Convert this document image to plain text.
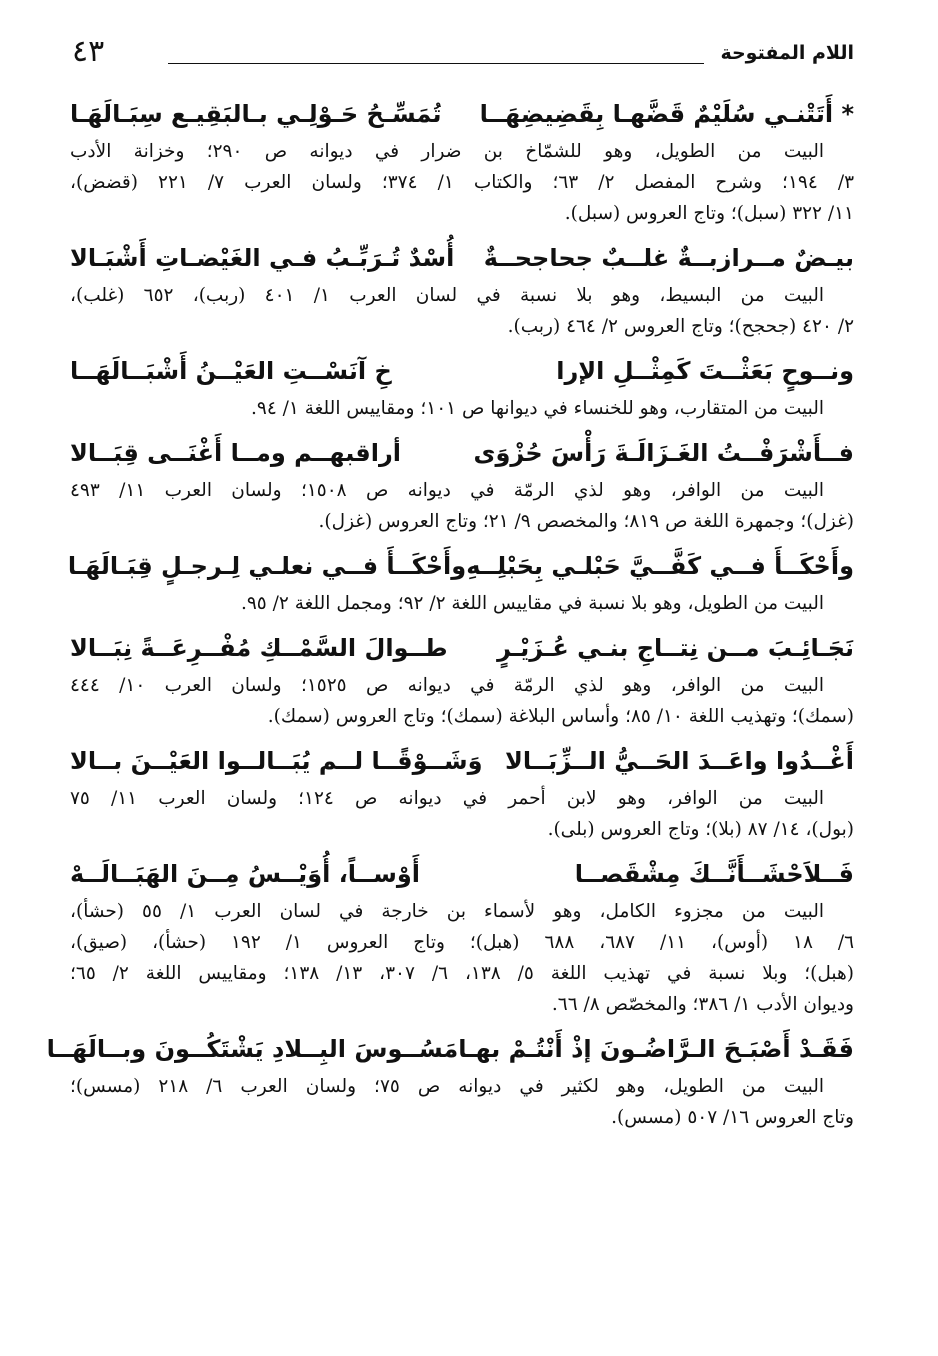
اللام المفتوحة
٤٣
* أَتَتْنـي سُلَيْمٌ قَضَّهـا بِقَضِيضِهَــا
تُمَسِّـحُ حَـوْلِـي بـالبَقِيـع سِبَـالَهَـا
البيت من الطويل، وهو للشمّاخ بن ضرار في ديوانه ص ٢٩٠؛ وخزانة الأدب
٣/ ١٩٤؛ وشرح المفصل ٢/ ٦٣؛ والكتاب ١/ ٣٧٤؛ ولسان العرب ٧/ ٢٢١ (قضض)،
١١/ ٣٢٢ (سبل)؛ وتاج العروس (سبل).
بيـضٌ مــرازبــةٌ غلــبٌ جحاجحــةٌ
أُسْدٌ تُـرَبِّـبُ فـي الغَيْضـاتِ أَشْبَـالا
البيت من البسيط، وهو بلا نسبة في لسان العرب ١/ ٤٠١ (ربب)، ٦٥٢ (غلب)،
٢/ ٤٢٠ (جحجح)؛ وتاج العروس ٢/ ٤٦٤ (ربب).
ونــوحٍ بَعَثْــتَ كَمِثْــلِ الإرا
خِ آنَسْــتِ العَيْــنُ أَشْبَــالَهَــا
البيت من المتقارب، وهو للخنساء في ديوانها ص ١٠١؛ ومقاييس اللغة ١/ ٩٤.
فــأَشْرَفْــتُ الغَـزَالَـةَ رَأْسَ حُزْوَى
أراقبهــم ومــا أَغْنَــى قِبَــالا
البيت من الوافر، وهو لذي الرمّة في ديوانه ص ١٥٠٨؛ ولسان العرب ١١/ ٤٩٣
(غزل)؛ وجمهرة اللغة ص ٨١٩؛ والمخصص ٩/ ٢١؛ وتاج العروس (غزل).
وأَحْكَــأَ فــي كَفَّــيَّ حَبْلـي بِحَبْلِــهِ
وأَحْكَــأَ فــي نعلـي لِـرجـلٍ قِبَـالَهَـا
البيت من الطويل، وهو بلا نسبة في مقاييس اللغة ٢/ ٩٢؛ ومجمل اللغة ٢/ ٩٥.
نَجَـائِـبَ مــن نِتــاجِ بنـي عُـزَيْـرٍ
طــوالَ السَّمْــكِ مُفْــرِعَــةً نِبَــالا
البيت من الوافر، وهو لذي الرمّة في ديوانه ص ١٥٢٥؛ ولسان العرب ١٠/ ٤٤٤
(سمك)؛ وتهذيب اللغة ١٠/ ٨٥؛ وأساس البلاغة (سمك)؛ وتاج العروس (سمك).
أَغْــدُوا واعَــدَ الحَــيُّ الــزِّبَــالا
وَشَــوْقًــا لــم يُبَــالــوا العَيْــنَ بــالا
البيت من الوافر، وهو لابن أحمر في ديوانه ص ١٢٤؛ ولسان العرب ١١/ ٧٥
(بول)، ١٤/ ٨٧ (بلا)؛ وتاج العروس (بلى).
فَــلاَحْشَــأَنَّــكَ مِشْقَصــا
أَوْســاً، أُوَيْــسُ مِــنَ الهَبَــالَــهْ
البيت من مجزوء الكامل، وهو لأسماء بن خارجة في لسان العرب ١/ ٥٥ (حشأ)،
٦/ ١٨ (أوس)، ١١/ ٦٨٧، ٦٨٨ (هبل)؛ وتاج العروس ١/ ١٩٢ (حشأ)، (صيق)،
(هبل)؛ وبلا نسبة في تهذيب اللغة ٥/ ١٣٨، ٦/ ٣٠٧، ١٣/ ١٣٨؛ ومقاييس اللغة ٢/ ٦٥؛
وديوان الأدب ١/ ٣٨٦؛ والمخصّص ٨/ ٦٦.
فَقَـدْ أَصْبَـحَ الـرَّاضُـونَ إذْ أَنْتُـمْ بهـا
مَسُــوسَ البِــلادِ يَشْتَكُــونَ وبــالَهَــا
البيت من الطويل، وهو لكثير في ديوانه ص ٧٥؛ ولسان العرب ٦/ ٢١٨ (مسس)؛
وتاج العروس ١٦/ ٥٠٧ (مسس).
